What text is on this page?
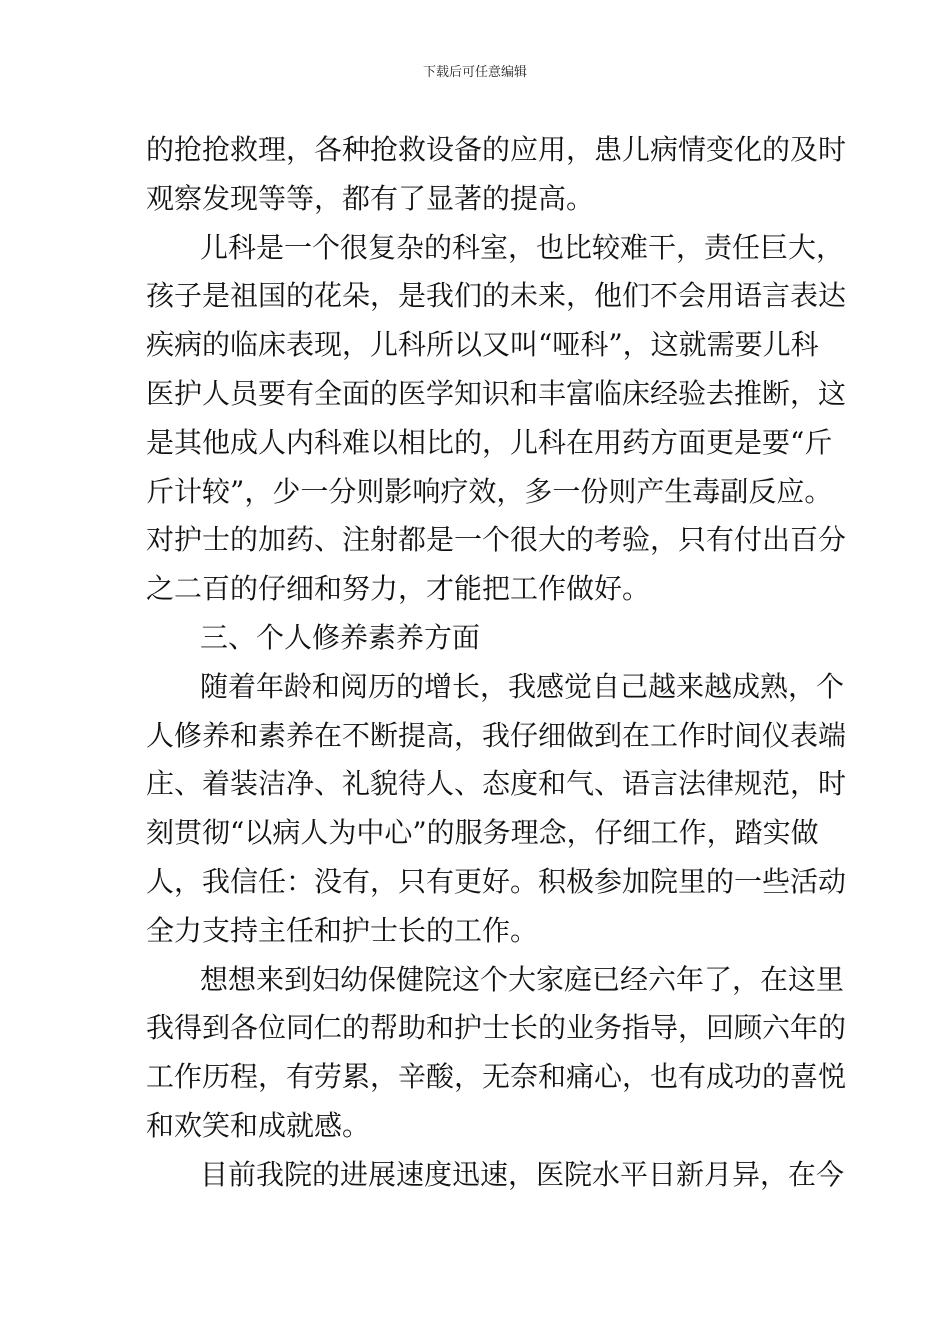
下载后可任意编辑
的抢抢救理，各种抢救设备的应用，患儿病情变化的及时
观察发现等等，都有了显著的提高。
儿科是一个很复杂的科室，也比较难干，责任巨大，
孩子是祖国的花朵，是我们的未来，他们不会用语言表达
疾病的临床表现，儿科所以又叫“哑科”，这就需要儿科
医护人员要有全面的医学知识和丰富临床经验去推断，这
是其他成人内科难以相比的，儿科在用药方面更是要“斤
斤计较”，少一分则影响疗效，多一份则产生毒副反应。
对护士的加药、注射都是一个很大的考验，只有付出百分
之二百的仔细和努力，才能把工作做好。
三、个人修养素养方面
随着年龄和阅历的增长，我感觉自己越来越成熟，个
人修养和素养在不断提高，我仔细做到在工作时间仪表端
庄、着装洁净、礼貌待人、态度和气、语言法律规范，时
刻贯彻“以病人为中心”的服务理念，仔细工作，踏实做
人，我信任：没有，只有更好。积极参加院里的一些活动
全力支持主任和护士长的工作。
想想来到妇幼保健院这个大家庭已经六年了，在这里
我得到各位同仁的帮助和护士长的业务指导，回顾六年的
工作历程，有劳累，辛酸，无奈和痛心，也有成功的喜悦
和欢笑和成就感。
目前我院的进展速度迅速，医院水平日新月异，在今
